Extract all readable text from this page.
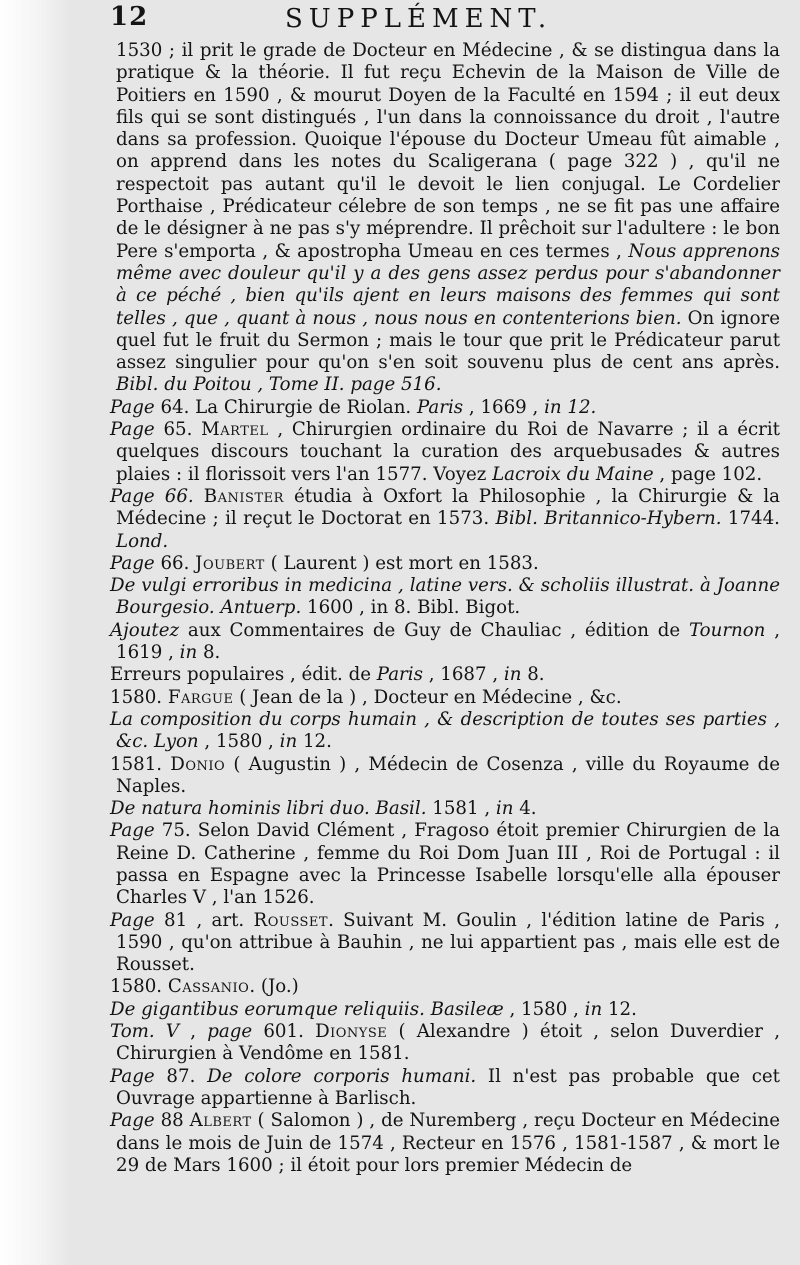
12	SUPPLÉMENT.

1530 ; il prit le grade de Docteur en Médecine , & se distingua dans la pratique & la théorie. Il fut reçu Echevin de la Maison de Ville de Poitiers en 1590 , & mourut Doyen de la Faculté en 1594 ; il eut deux fils qui se sont distingués , l'un dans la connoissance du droit , l'autre dans sa profession. Quoique l'épouse du Docteur Umeau fût aimable , on apprend dans les notes du Scaligerana ( page 322 ) , qu'il ne respectoit pas autant qu'il le devoit le lien conjugal. Le Cordelier Porthaise , Prédicateur célebre de son temps , ne se fit pas une affaire de le désigner à ne pas s'y méprendre. Il prêchoit sur l'adultere : le bon Pere s'emporta , & apostropha Umeau en ces termes , Nous apprenons même avec douleur qu'il y a des gens assez perdus pour s'abandonner à ce péché , bien qu'ils ajent en leurs maisons des femmes qui sont telles , que , quant à nous , nous nous en contenterions bien. On ignore quel fut le fruit du Sermon ; mais le tour que prit le Prédicateur parut assez singulier pour qu'on s'en soit souvenu plus de cent ans après. Bibl. du Poitou , Tome II. page 516.

Page 64. La Chirurgie de Riolan. Paris , 1669 , in 12.

Page 65. Martel , Chirurgien ordinaire du Roi de Navarre ; il a écrit quelques discours touchant la curation des arquebusades & autres plaies : il florissoit vers l'an 1577. Voyez Lacroix du Maine , page 102.

Page 66. Banister étudia à Oxfort la Philosophie , la Chirurgie & la Médecine ; il reçut le Doctorat en 1573. Bibl. Britannico-Hybern. 1744. Lond.

Page 66. Joubert ( Laurent ) est mort en 1583.

De vulgi erroribus in medicina , latine vers. & scholiis illustrat. à Joanne Bourgesio. Antuerp. 1600 , in 8. Bibl. Bigot.

Ajoutez aux Commentaires de Guy de Chauliac , édition de Tournon , 1619 , in 8.

Erreurs populaires , édit. de Paris , 1687 , in 8.

1580. Fargue ( Jean de la ) , Docteur en Médecine , &c.

La composition du corps humain , & description de toutes ses parties , &c. Lyon , 1580 , in 12.

1581. Donio ( Augustin ) , Médecin de Cosenza , ville du Royaume de Naples.

De natura hominis libri duo. Basil. 1581 , in 4.

Page 75. Selon David Clément , Fragoso étoit premier Chirurgien de la Reine D. Catherine , femme du Roi Dom Juan III , Roi de Portugal : il passa en Espagne avec la Princesse Isabelle lorsqu'elle alla épouser Charles V , l'an 1526.

Page 81 , art. Rousset. Suivant M. Goulin , l'édition latine de Paris , 1590 , qu'on attribue à Bauhin , ne lui appartient pas , mais elle est de Rousset.

1580. Cassanio. (Jo.)

De gigantibus eorumque reliquiis. Basileæ , 1580 , in 12.

Tom. V , page 601. Dionyse ( Alexandre ) étoit , selon Duverdier , Chirurgien à Vendôme en 1581.

Page 87. De colore corporis humani. Il n'est pas probable que cet Ouvrage appartienne à Barlisch.

Page 88 Albert ( Salomon ) , de Nuremberg , reçu Docteur en Médecine dans le mois de Juin de 1574 , Recteur en 1576 , 1581-1587 , & mort le 29 de Mars 1600 ; il étoit pour lors premier Médecin de
